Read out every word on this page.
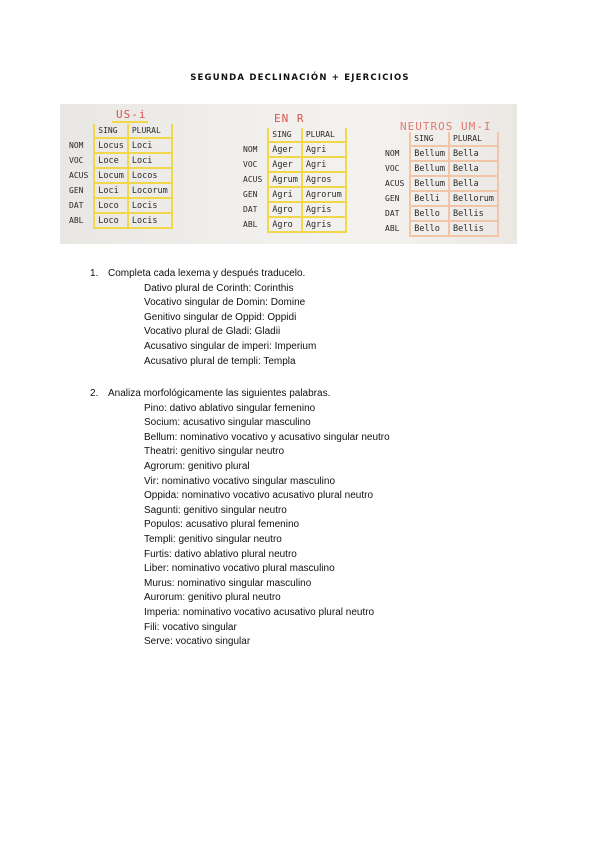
SEGUNDA DECLINACIÓN + EJERCICIOS
US-i	EN R
NEUTROS UM-I
	SING	PLURAL
NOM	Locus	Loci
VOC	Loce	Loci
ACUS	Locum	Locos
GEN	Loci	Locorum
DAT	Loco	Locis
ABL	Loco	Locis
	SING	PLURAL
NOM	Ager	Agri
VOC	Ager	Agri
ACUS	Agrum	Agros
GEN	Agri	Agrorum
DAT	Agro	Agris
ABL	Agro	Agris
	SING	PLURAL
NOM	Bellum	Bella
VOC	Bellum	Bella
ACUS	Bellum	Bella
GEN	Belli	Bellorum
DAT	Bello	Bellis
ABL	Bello	Bellis
1. Completa cada lexema y después traducelo.
Dativo plural de Corinth: Corinthis
Vocativo singular de Domin: Domine
Genitivo singular de Oppid: Oppidi
Vocativo plural de Gladi: Gladii
Acusativo singular de imperi: Imperium
Acusativo plural de templi: Templa
2. Analiza morfológicamente las siguientes palabras.
Pino: dativo ablativo singular femenino
Socium: acusativo singular masculino
Bellum: nominativo vocativo y acusativo singular neutro
Theatri: genitivo singular neutro
Agrorum: genitivo plural
Vir: nominativo vocativo singular masculino
Oppida: nominativo vocativo acusativo plural neutro
Sagunti: genitivo singular neutro
Populos: acusativo plural femenino
Templi: genitivo singular neutro
Furtis: dativo ablativo plural neutro
Liber: nominativo vocativo plural masculino
Murus: nominativo singular masculino
Aurorum: genitivo plural neutro
Imperia: nominativo vocativo acusativo plural neutro
Fili: vocativo singular
Serve: vocativo singular
